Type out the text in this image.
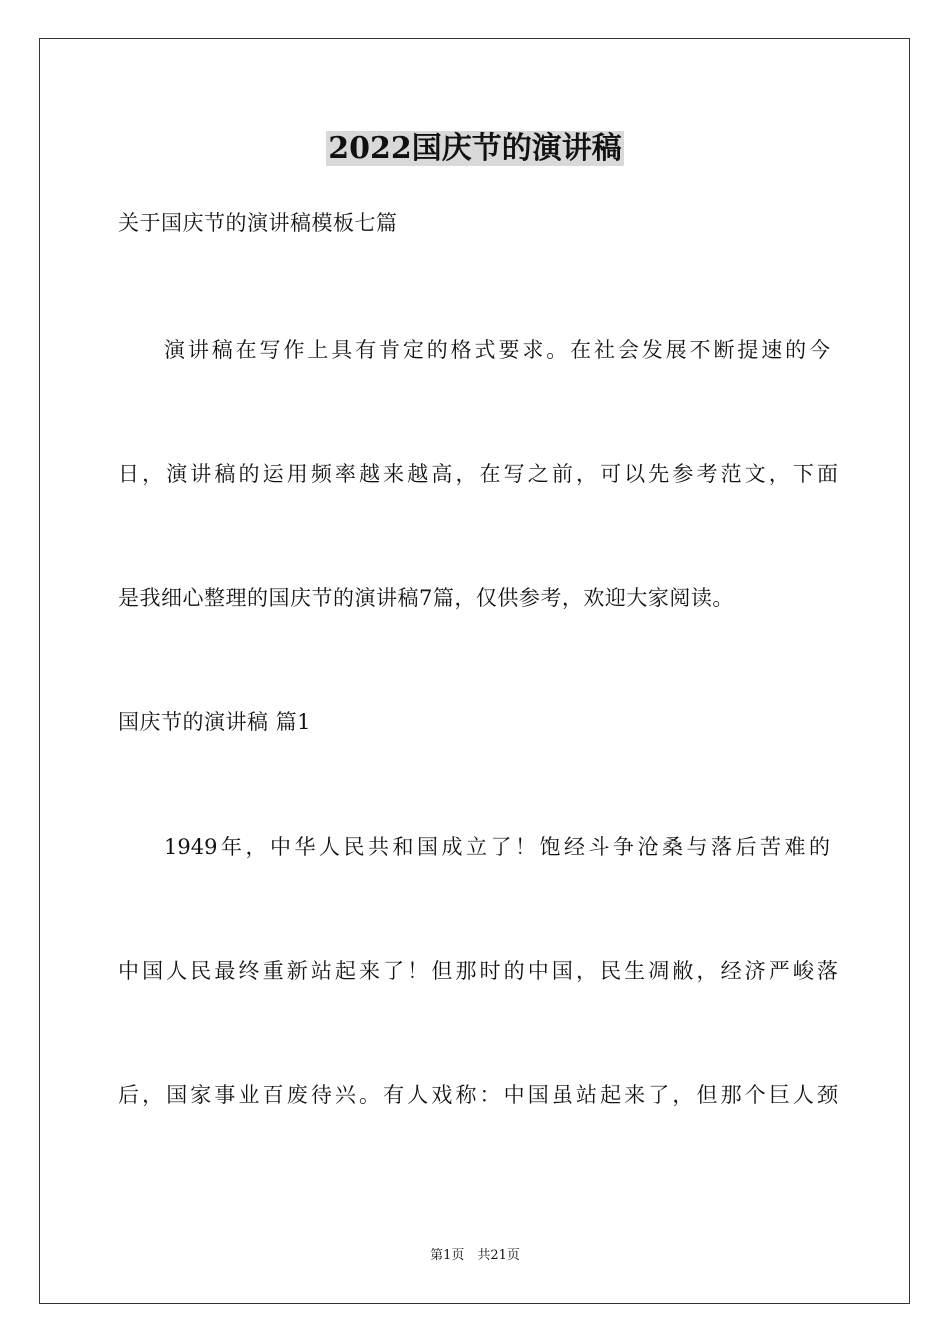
2022国庆节的演讲稿

关于国庆节的演讲稿模板七篇

演讲稿在写作上具有肯定的格式要求。在社会发展不断提速的今

日，演讲稿的运用频率越来越高，在写之前，可以先参考范文，下面

是我细心整理的国庆节的演讲稿7篇，仅供参考，欢迎大家阅读。

国庆节的演讲稿 篇1

1949年，中华人民共和国成立了！饱经斗争沧桑与落后苦难的

中国人民最终重新站起来了！但那时的中国，民生凋敝，经济严峻落

后，国家事业百废待兴。有人戏称：中国虽站起来了，但那个巨人颈

第1页　共21页
